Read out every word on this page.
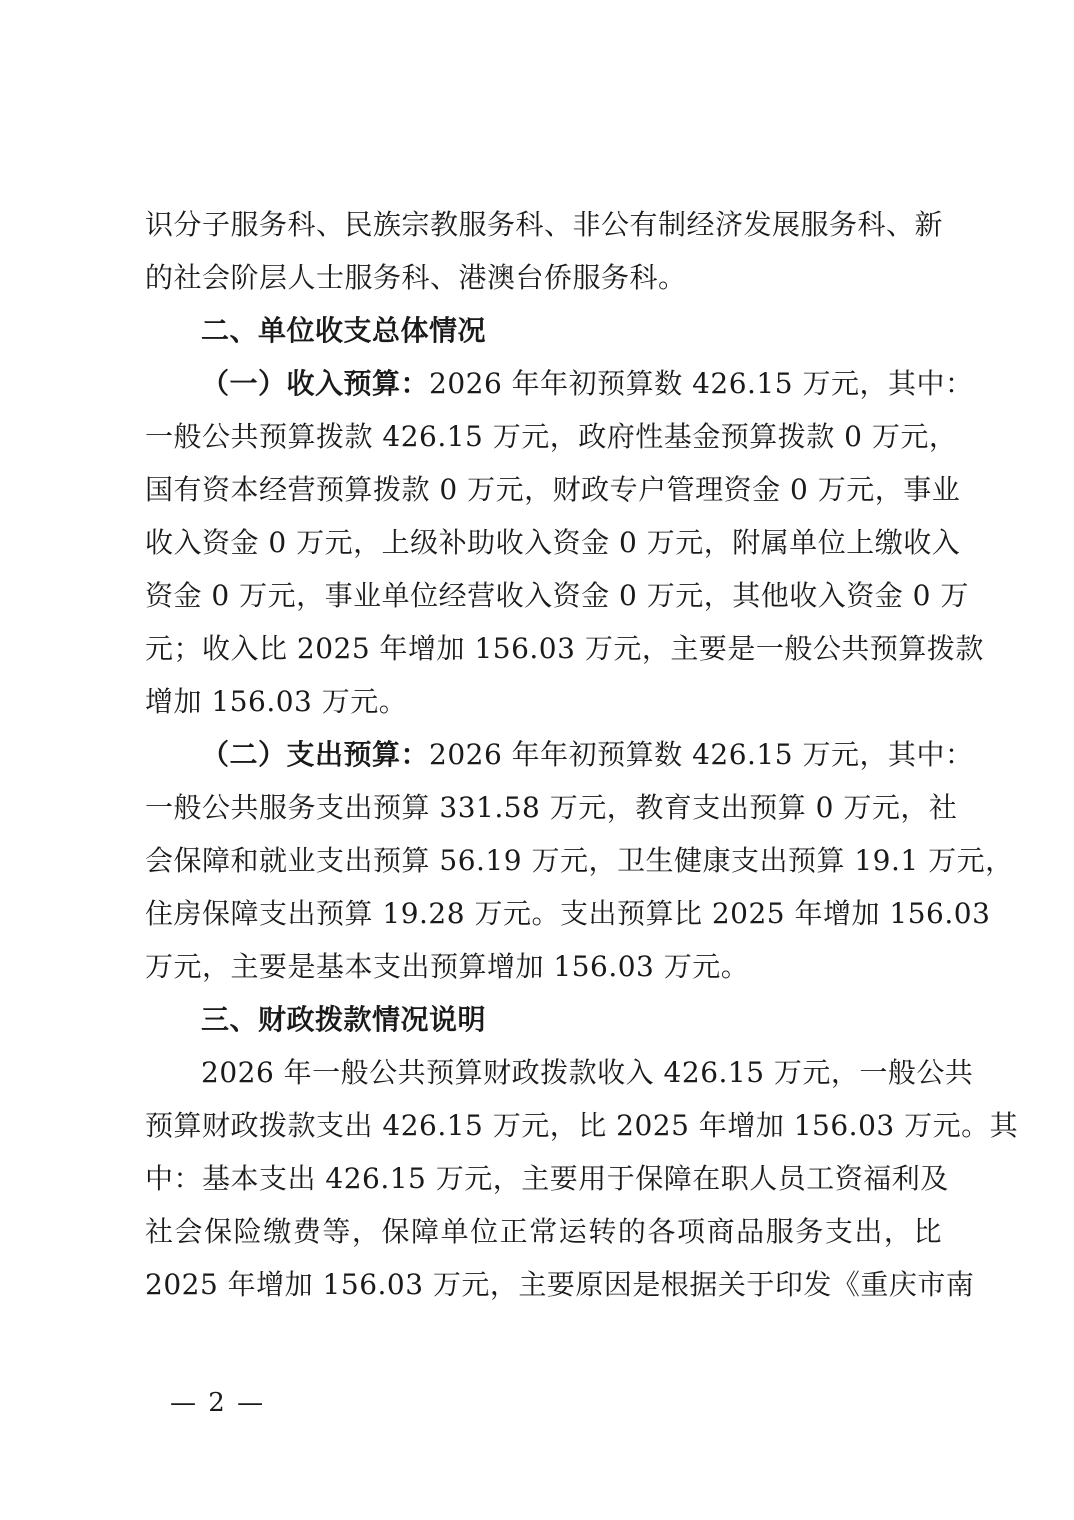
识分子服务科、民族宗教服务科、非公有制经济发展服务科、新
的社会阶层人士服务科、港澳台侨服务科。
二、单位收支总体情况
（一）收入预算：2026 年年初预算数 426.15 万元，其中：
一般公共预算拨款 426.15 万元，政府性基金预算拨款 0 万元，
国有资本经营预算拨款 0 万元，财政专户管理资金 0 万元，事业
收入资金 0 万元，上级补助收入资金 0 万元，附属单位上缴收入
资金 0 万元，事业单位经营收入资金 0 万元，其他收入资金 0 万
元；收入比 2025 年增加 156.03 万元，主要是一般公共预算拨款
增加 156.03 万元。
（二）支出预算：2026 年年初预算数 426.15 万元，其中：
一般公共服务支出预算 331.58 万元，教育支出预算 0 万元，社
会保障和就业支出预算 56.19 万元，卫生健康支出预算 19.1 万元，
住房保障支出预算 19.28 万元。支出预算比 2025 年增加 156.03
万元，主要是基本支出预算增加 156.03 万元。
三、财政拨款情况说明
2026 年一般公共预算财政拨款收入 426.15 万元，一般公共
预算财政拨款支出 426.15 万元，比 2025 年增加 156.03 万元。其
中：基本支出 426.15 万元，主要用于保障在职人员工资福利及
社会保险缴费等，保障单位正常运转的各项商品服务支出，比
2025 年增加 156.03 万元，主要原因是根据关于印发《重庆市南
— 2 —
